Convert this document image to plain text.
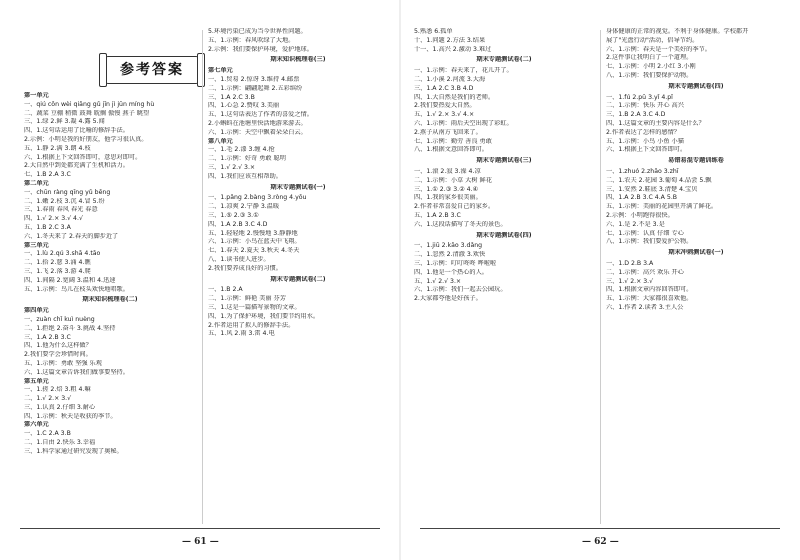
参考答案
第一单元
一、qiú cōn wèi qiāng gǔ jīn jì jūn míng hù
二、蔬菜 豆棚 稍微 鼓舞 耽搁 傲慢 燕子 眺望
三、1.绿 2.鲜 3.凝 4.露 5.闻
四、1.这句话运用了比喻的修辞手法。
2.示例：小明是我的好朋友，他学习很认真。
五、1.静 2.满 3.朗 4.枝
六、1.根据上下文回答即可，意思对即可。
2.大自然中到处都充满了生机和活力。
七、1.B 2.A 3.C
第二单元
一、chūn ràng qīng yǔ bēng
二、1.嫩 2.枝 3.沉 4.冒 5.纷
三、1.春雨 春风 春光 春意
四、1.√ 2.× 3.√ 4.√
五、1.B 2.C 3.A
六、1.冬天来了 2.春天的脚步近了
第三单元
一、1.lù 2.qú 3.shā 4.tāo
二、1.拾 2.慈 3.涌 4.瞧
三、1.飞 2.落 3.游 4.爬
四、1.间隔 2.宽阔 3.温和 4.迅速
五、1.示例：鸟儿在枝头欢快地唱歌。
期末知识梳理卷(二)
第四单元
一、zuàn chǐ kuì nuèng
二、1.拒绝 2.奋斗 3.挑战 4.坚持
三、1.A 2.B 3.C
四、1.他为什么这样做？
2.我们要学会珍惜时间。
五、1.示例：勇敢 坚强 乐观
六、1.这篇文章告诉我们做事要坚持。
第五单元
一、1.搓 2.焙 3.粗 4.嘛
二、1.√ 2.× 3.√
三、1.认真 2.仔细 3.耐心
四、1.示例：秋天是收获的季节。
第六单元
一、1.C 2.A 3.B
二、1.自由 2.快乐 3.幸福
三、1.科学家通过研究发现了奥秘。
5.环境污染已成为当今世界性问题。
五、1.示例：春风吹绿了大地。
2.示例：我们要保护环境，爱护地球。
期末知识梳理卷(三)
第七单元
一、1.贸易 2.惊讶 3.维持 4.邮票
二、1.示例：翩翩起舞 2.五彩缤纷
三、1.A 2.C 3.B
四、1.心急 2.赞叹 3.美丽
五、1.这句话表达了作者的喜爱之情。
2.小蝌蚪在池塘里快活地游来游去。
六、1.示例：天空中飘着朵朵白云。
第八单元
一、1.毛 2.漆 3.缠 4.抢
二、1.示例：好奇 勇敢 聪明
三、1.√ 2.√ 3.×
四、1.我们应该互相帮助。
期末专题测试卷(一)
一、1.pǎng 2.bàng 3.ròng 4.yōu
二、1.凉爽 2.宁静 3.温暖
三、1.⑤ 2.③ 3.①
四、1.A 2.B 3.C 4.D
五、1.轻轻地 2.慢慢地 3.静静地
六、1.示例：小鸟在蓝天中飞翔。
七、1.春天 2.夏天 3.秋天 4.冬天
八、1.读书使人进步。
2.我们要养成良好的习惯。
期末专题测试卷(二)
一、1.B 2.A
二、1.示例：鲜艳 美丽 芬芳
三、1.这是一篇描写景物的文章。
四、1.为了保护环境，我们要节约用水。
2.作者运用了拟人的修辞手法。
五、1.风 2.雨 3.雷 4.电
— 61 —
5.熟悉 6.孤单
十、1.问题 2.方法 3.结果
十一、1.高兴 2.激动 3.难过
期末专题测试卷(二)
一、1.示例：春天来了，花儿开了。
二、1.小溪 2.河流 3.大海
三、1.A 2.C 3.B 4.D
四、1.大自然是我们的老师。
2.我们要热爱大自然。
五、1.√ 2.× 3.√ 4.×
六、1.示例：雨后天空出现了彩虹。
2.燕子从南方飞回来了。
七、1.示例：勤劳 善良 勇敢
八、1.根据文意回答即可。
期末专题测试卷(三)
一、1.滚 2.寂 3.澡 4.凉
二、1.示例：小草 大树 鲜花
三、1.① 2.③ 3.② 4.④
四、1.我的家乡很美丽。
2.作者非常喜爱自己的家乡。
五、1.A 2.B 3.C
六、1.这段话描写了冬天的景色。
期末专题测试卷(四)
一、1.jiū 2.kāo 3.dǎng
二、1.忽然 2.清澈 3.欢快
三、1.示例：叮叮咚咚 哗啦啦
四、1.他是一个热心的人。
五、1.√ 2.√ 3.×
六、1.示例：我们一起去公园玩。
2.大家都夸他是好孩子。
身体健康的正常的视觉。不利于身体健康。学校都开
展了"光盘行动"活动，倡导节约。
六、1.示例：春天是一个美好的季节。
2.这件事让我明白了一个道理。
七、1.示例：小明 2.小红 3.小刚
八、1.示例：我们要保护动物。
期末专题测试卷(四)
一、1.fú 2.pū 3.yǐ 4.pǐ
二、1.示例：快乐 开心 高兴
三、1.B 2.A 3.C 4.D
四、1.这篇文章的主要内容是什么？
2.作者表达了怎样的感情？
五、1.示例：小鸟 小鱼 小猫
六、1.根据上下文回答即可。
易错易混专题训练卷
一、1.zhuó 2.zhāo 3.zhī
二、1.农夫 2.花园 3.葡萄 4.品尝 5.飘
三、1.安然 2.鞋底 3.清楚 4.宝贝
四、1.A 2.B 3.C 4.A 5.B
五、1.示例：美丽的花园里开满了鲜花。
2.示例：小明跑得很快。
六、1.是 2.不是 3.是
七、1.示例：认真 仔细 专心
八、1.示例：我们要爱护公物。
期末冲刺测试卷(一)
一、1.D 2.B 3.A
二、1.示例：高兴 欢乐 开心
三、1.√ 2.× 3.√
四、1.根据文章内容回答即可。
五、1.示例：大家都很喜欢他。
六、1.作者 2.读者 3.主人公
— 62 —
